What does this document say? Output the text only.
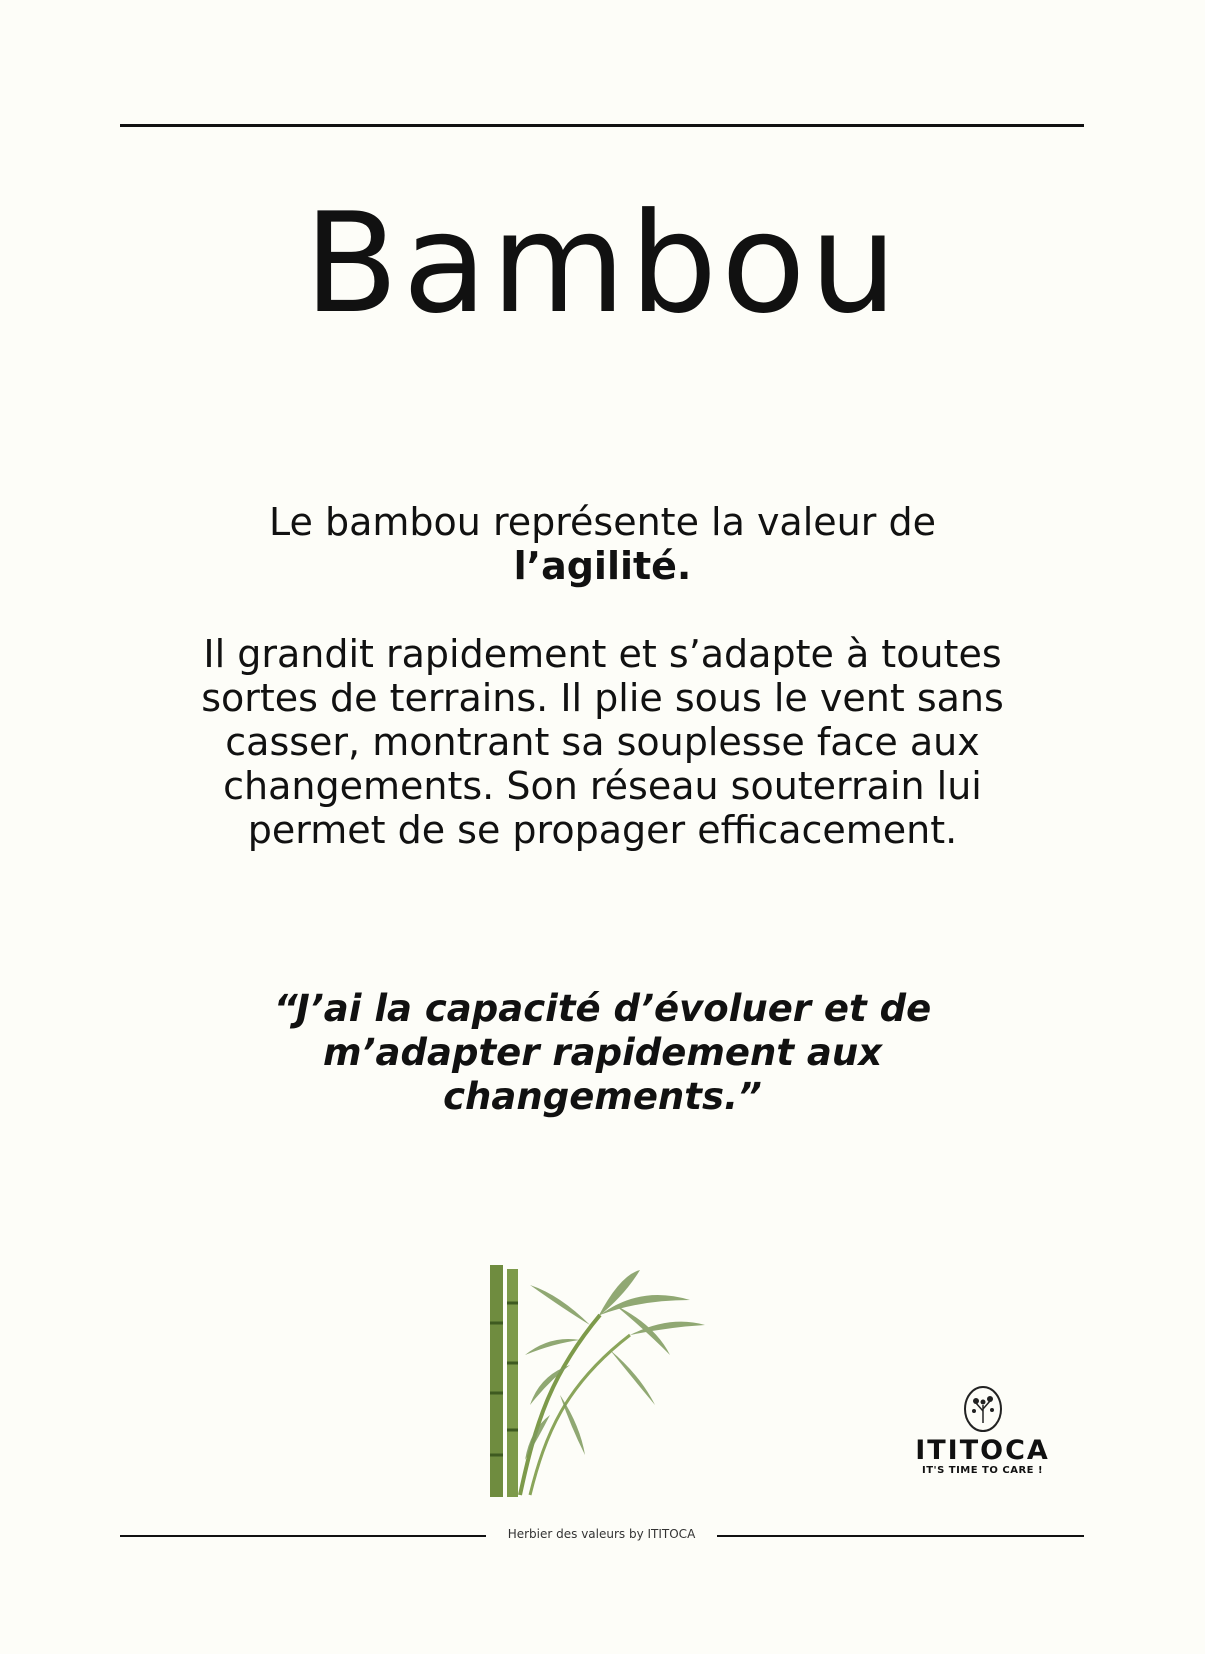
Bambou
Le bambou représente la valeur de
l’agilité.
Il grandit rapidement et s’adapte à toutes sortes de terrains. Il plie sous le vent sans casser, montrant sa souplesse face aux changements. Son réseau souterrain lui permet de se propager efficacement.
“J’ai la capacité d’évoluer et de m’adapter rapidement aux changements.”
ITITOCA
IT'S TIME TO CARE !
Herbier des valeurs by ITITOCA
